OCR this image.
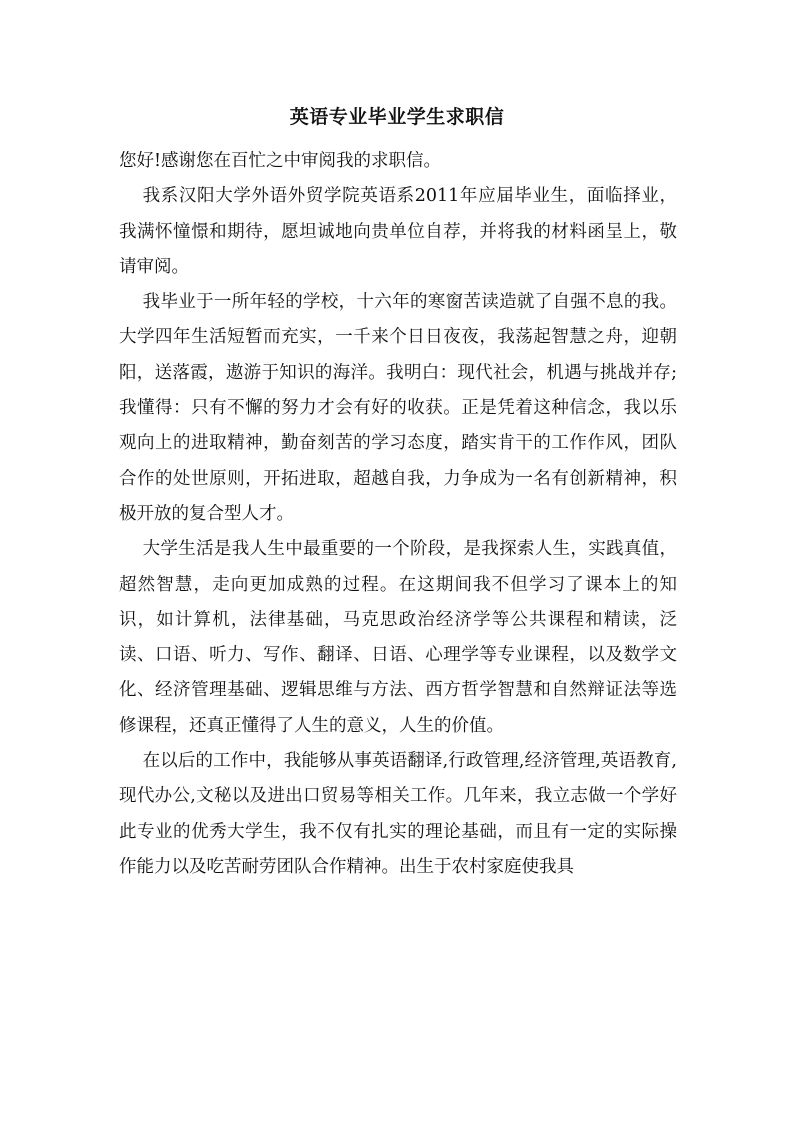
英语专业毕业学生求职信

您好!感谢您在百忙之中审阅我的求职信。

我系汉阳大学外语外贸学院英语系2011年应届毕业生，面临择业，我满怀憧憬和期待，愿坦诚地向贵单位自荐，并将我的材料函呈上，敬请审阅。

我毕业于一所年轻的学校，十六年的寒窗苦读造就了自强不息的我。大学四年生活短暂而充实，一千来个日日夜夜，我荡起智慧之舟，迎朝阳，送落霞，遨游于知识的海洋。我明白：现代社会，机遇与挑战并存;我懂得：只有不懈的努力才会有好的收获。正是凭着这种信念，我以乐观向上的进取精神，勤奋刻苦的学习态度，踏实肯干的工作作风，团队合作的处世原则，开拓进取，超越自我，力争成为一名有创新精神，积极开放的复合型人才。

大学生活是我人生中最重要的一个阶段，是我探索人生，实践真值，超然智慧，走向更加成熟的过程。在这期间我不但学习了课本上的知识，如计算机，法律基础，马克思政治经济学等公共课程和精读，泛读、口语、听力、写作、翻译、日语、心理学等专业课程，以及数学文化、经济管理基础、逻辑思维与方法、西方哲学智慧和自然辩证法等选修课程，还真正懂得了人生的意义，人生的价值。

在以后的工作中，我能够从事英语翻译,行政管理,经济管理,英语教育,现代办公,文秘以及进出口贸易等相关工作。几年来，我立志做一个学好此专业的优秀大学生，我不仅有扎实的理论基础，而且有一定的实际操作能力以及吃苦耐劳团队合作精神。出生于农村家庭使我具
